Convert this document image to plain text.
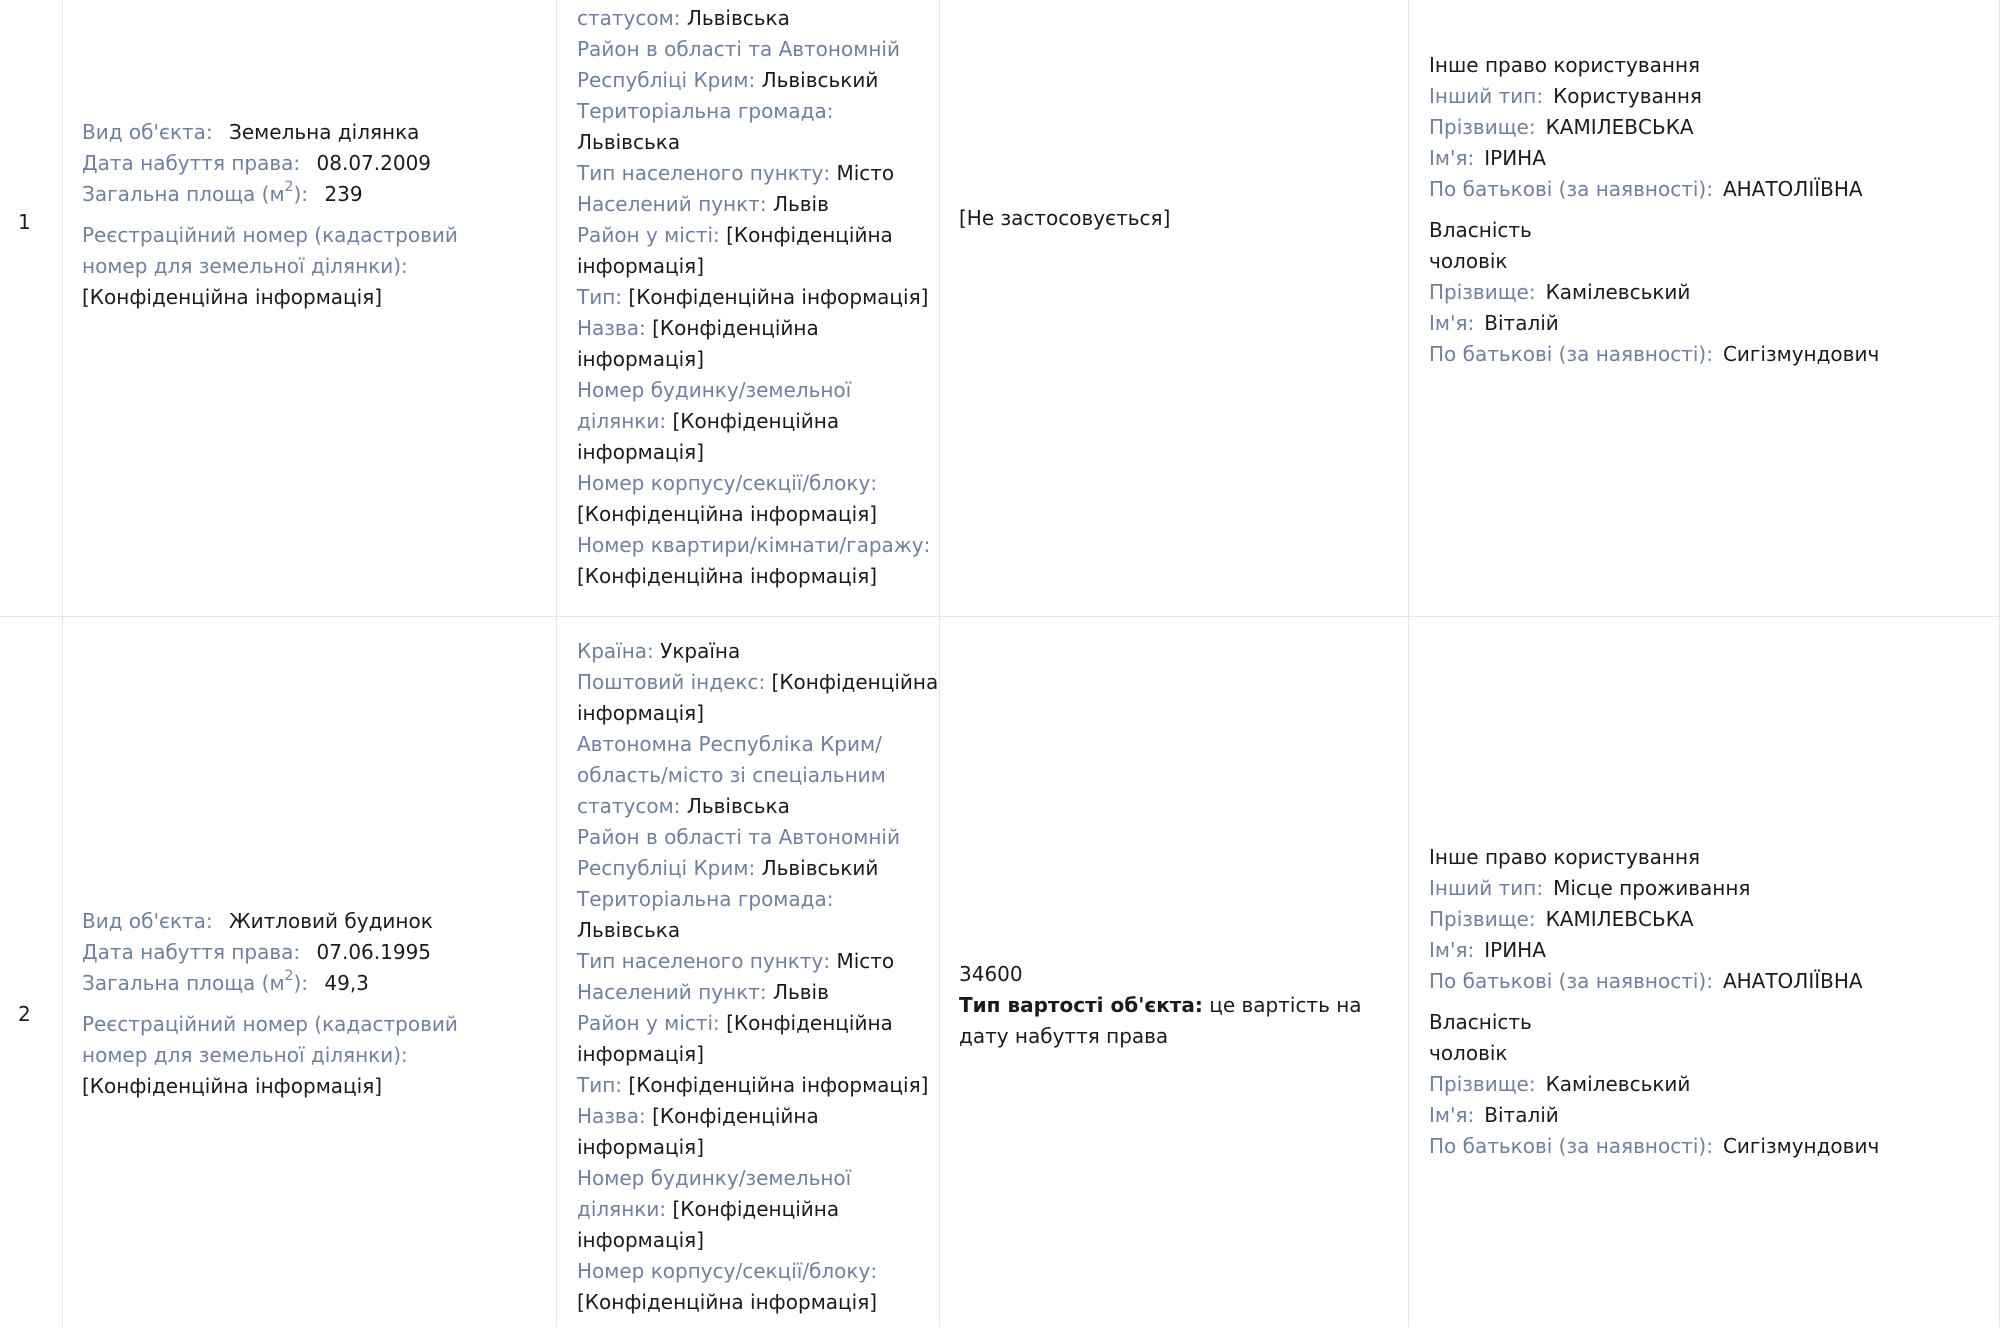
1
Вид об'єкта: Земельна ділянка
Дата набуття права: 08.07.2009
Загальна площа $(м^2)$: 239
Реєстраційний номер (кадастровий
номер для земельної ділянки):
[Конфіденційна інформація]
статусом: Львівська
Район в області та Автономній
Республіці Крим: Львівський
Територіальна громада:
Львівська
Тип населеного пункту: Місто
Населений пункт: Львів
Район у місті: [Конфіденційна
інформація]
Тип: [Конфіденційна інформація]
Назва: [Конфіденційна
інформація]
Номер будинку/земельної
ділянки: [Конфіденційна
інформація]
Номер корпусу/секції/блоку:
[Конфіденційна інформація]
Номер квартири/кімнати/гаражу:
[Конфіденційна інформація]
[Не застосовується]
Інше право користування
Інший тип: Користування
Прізвище: КАМІЛЕВСЬКА
Ім'я: ІРИНА
По батькові (за наявності): АНАТОЛІЇВНА
Власність
чоловік
Прізвище: Камілевський
Ім'я: Віталій
По батькові (за наявності): Сигізмундович
2
Вид об'єкта: Житловий будинок
Дата набуття права: 07.06.1995
Загальна площа $(м^2)$: 49,3
Реєстраційний номер (кадастровий
номер для земельної ділянки):
[Конфіденційна інформація]
Країна: Україна
Поштовий індекс: [Конфіденційна
інформація]
Автономна Республіка Крим/
область/місто зі спеціальним
статусом: Львівська
Район в області та Автономній
Республіці Крим: Львівський
Територіальна громада:
Львівська
Тип населеного пункту: Місто
Населений пункт: Львів
Район у місті: [Конфіденційна
інформація]
Тип: [Конфіденційна інформація]
Назва: [Конфіденційна
інформація]
Номер будинку/земельної
ділянки: [Конфіденційна
інформація]
Номер корпусу/секції/блоку:
[Конфіденційна інформація]
34600
Тип вартості об'єкта: це вартість на
дату набуття права
Інше право користування
Інший тип: Місце проживання
Прізвище: КАМІЛЕВСЬКА
Ім'я: ІРИНА
По батькові (за наявності): АНАТОЛІЇВНА
Власність
чоловік
Прізвище: Камілевський
Ім'я: Віталій
По батькові (за наявності): Сигізмундович
